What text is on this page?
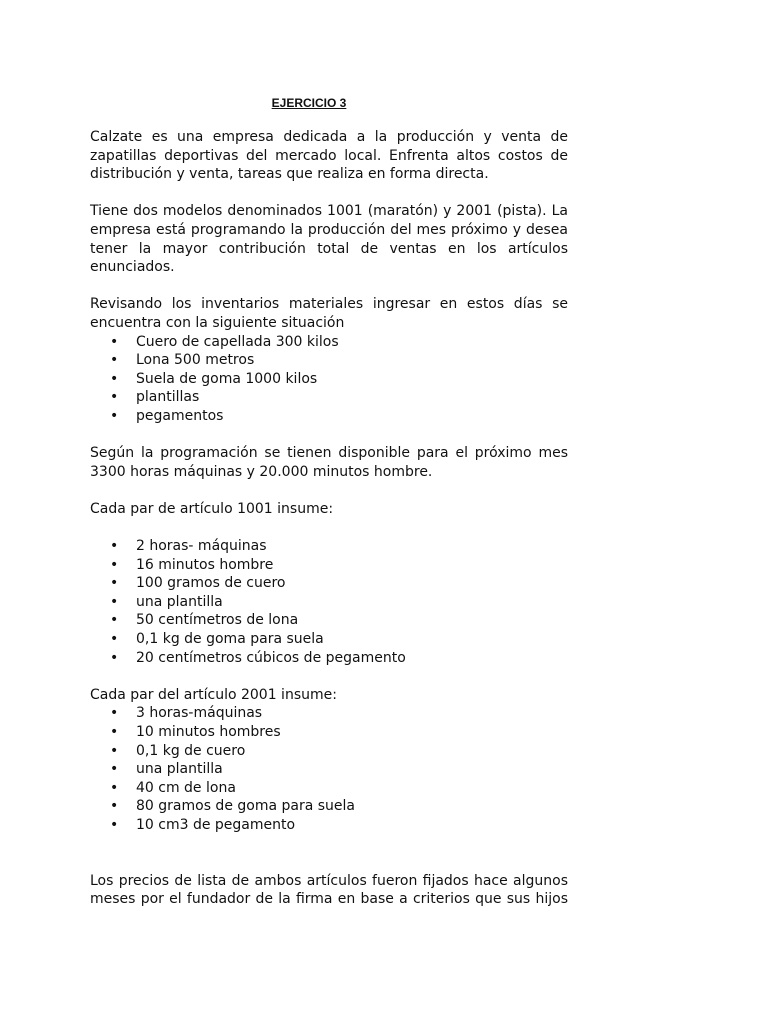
EJERCICIO 3

Calzate es una empresa dedicada a la producción y venta de zapatillas deportivas del mercado local. Enfrenta altos costos de distribución y venta, tareas que realiza en forma directa.

Tiene dos modelos denominados 1001 (maratón) y 2001 (pista). La empresa está programando la producción del mes próximo y desea tener la mayor contribución total de ventas en los artículos enunciados.

Revisando los inventarios materiales ingresar en estos días se encuentra con la siguiente situación

• Cuero de capellada 300 kilos
• Lona 500 metros
• Suela de goma 1000 kilos
• plantillas
• pegamentos

Según la programación se tienen disponible para el próximo mes 3300 horas máquinas y 20.000 minutos hombre.

Cada par de artículo 1001 insume:

• 2 horas- máquinas
• 16 minutos hombre
• 100 gramos de cuero
• una plantilla
• 50 centímetros de lona
• 0,1 kg de goma para suela
• 20 centímetros cúbicos de pegamento

Cada par del artículo 2001 insume:

• 3 horas-máquinas
• 10 minutos hombres
• 0,1 kg de cuero
• una plantilla
• 40 cm de lona
• 80 gramos de goma para suela
• 10 cm3 de pegamento

Los precios de lista de ambos artículos fueron fijados hace algunos meses por el fundador de la firma en base a criterios que sus hijos
